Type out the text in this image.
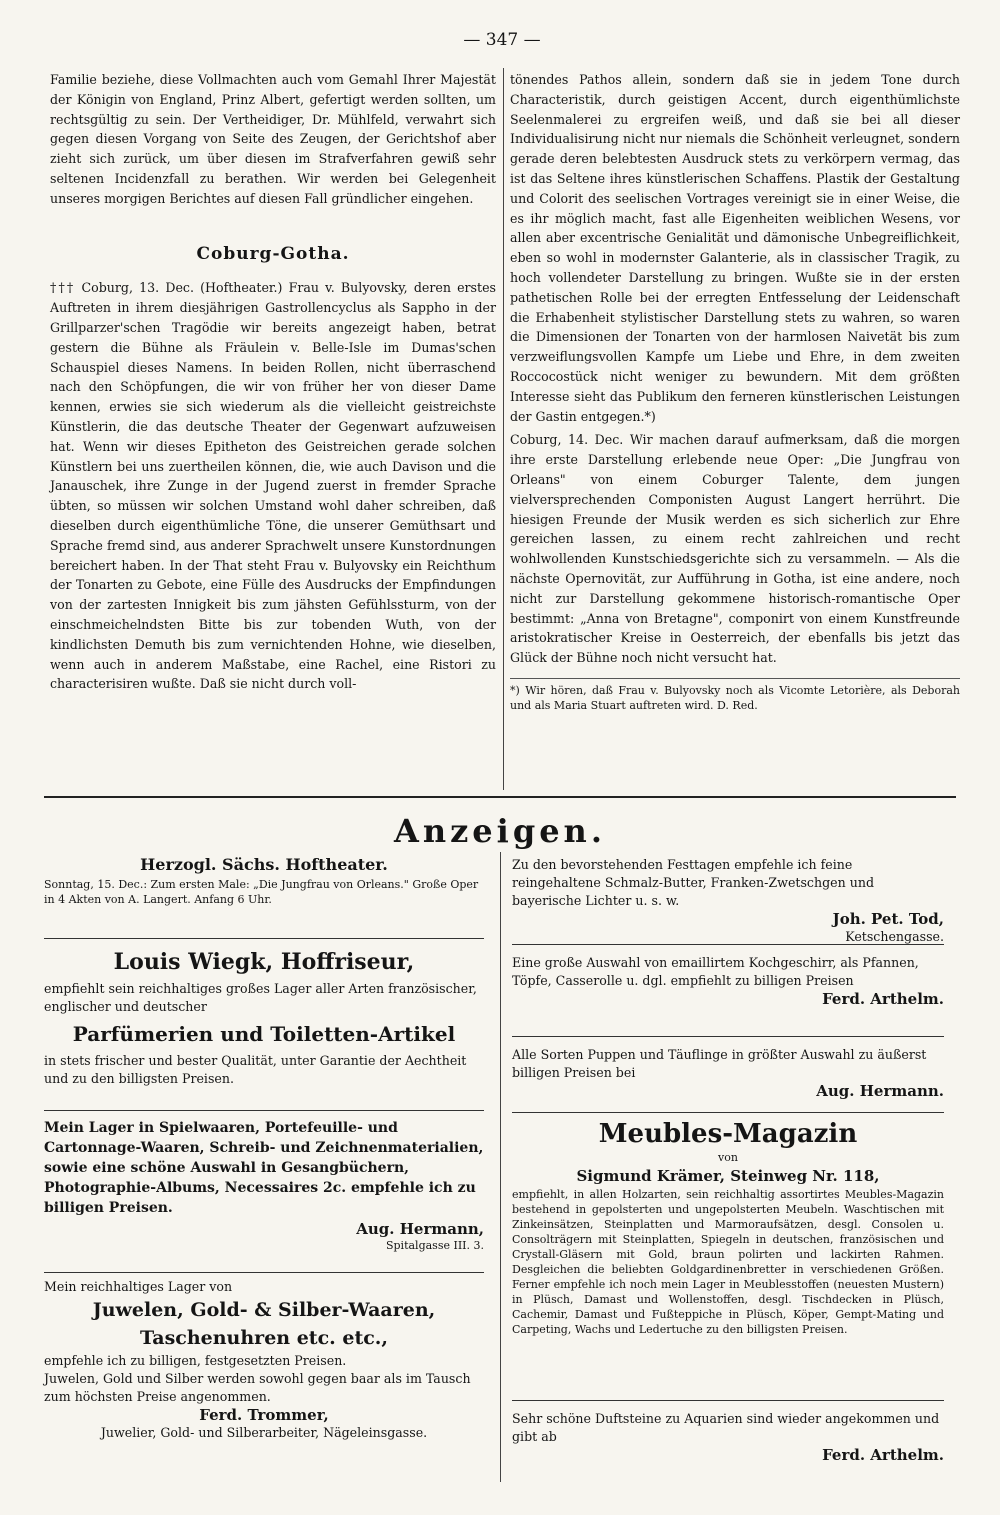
— 347 —

Familie beziehe, diese Vollmachten auch vom Gemahl Ihrer Majestät der Königin von England, Prinz Albert, gefertigt werden sollten, um rechtsgültig zu sein. Der Vertheidiger, Dr. Mühlfeld, verwahrt sich gegen diesen Vorgang von Seite des Zeugen, der Gerichtshof aber zieht sich zurück, um über diesen im Strafverfahren gewiß sehr seltenen Incidenzfall zu berathen. Wir werden bei Gelegenheit unseres morgigen Berichtes auf diesen Fall gründlicher eingehen.

Coburg-Gotha.

††† Coburg, 13. Dec. (Hoftheater.) Frau v. Bulyovsky, deren erstes Auftreten in ihrem diesjährigen Gastrollencyclus als Sappho in der Grillparzer'schen Tragödie wir bereits angezeigt haben, betrat gestern die Bühne als Fräulein v. Belle-Isle im Dumas'schen Schauspiel dieses Namens. In beiden Rollen, nicht überraschend nach den Schöpfungen, die wir von früher her von dieser Dame kennen, erwies sie sich wiederum als die vielleicht geistreichste Künstlerin, die das deutsche Theater der Gegenwart aufzuweisen hat. Wenn wir dieses Epitheton des Geistreichen gerade solchen Künstlern bei uns zuertheilen können, die, wie auch Davison und die Janauschek, ihre Zunge in der Jugend zuerst in fremder Sprache übten, so müssen wir solchen Umstand wohl daher schreiben, daß dieselben durch eigenthümliche Töne, die unserer Gemüthsart und Sprache fremd sind, aus anderer Sprachwelt unsere Kunstordnungen bereichert haben. In der That steht Frau v. Bulyovsky ein Reichthum der Tonarten zu Gebote, eine Fülle des Ausdrucks der Empfindungen von der zartesten Innigkeit bis zum jähsten Gefühlssturm, von der einschmeichelndsten Bitte bis zur tobenden Wuth, von der kindlichsten Demuth bis zum vernichtenden Hohne, wie dieselben, wenn auch in anderem Maßstabe, eine Rachel, eine Ristori zu characterisiren wußte. Daß sie nicht durch voll-

tönendes Pathos allein, sondern daß sie in jedem Tone durch Characteristik, durch geistigen Accent, durch eigenthümlichste Seelenmalerei zu ergreifen weiß, und daß sie bei all dieser Individualisirung nicht nur niemals die Schönheit verleugnet, sondern gerade deren belebtesten Ausdruck stets zu verkörpern vermag, das ist das Seltene ihres künstlerischen Schaffens. Plastik der Gestaltung und Colorit des seelischen Vortrages vereinigt sie in einer Weise, die es ihr möglich macht, fast alle Eigenheiten weiblichen Wesens, vor allen aber excentrische Genialität und dämonische Unbegreiflichkeit, eben so wohl in modernster Galanterie, als in classischer Tragik, zu hoch vollendeter Darstellung zu bringen. Wußte sie in der ersten pathetischen Rolle bei der erregten Entfesselung der Leidenschaft die Erhabenheit stylistischer Darstellung stets zu wahren, so waren die Dimensionen der Tonarten von der harmlosen Naivetät bis zum verzweiflungsvollen Kampfe um Liebe und Ehre, in dem zweiten Roccocostück nicht weniger zu bewundern. Mit dem größten Interesse sieht das Publikum den ferneren künstlerischen Leistungen der Gastin entgegen.*)

Coburg, 14. Dec. Wir machen darauf aufmerksam, daß die morgen ihre erste Darstellung erlebende neue Oper: „Die Jungfrau von Orleans" von einem Coburger Talente, dem jungen vielversprechenden Componisten August Langert herrührt. Die hiesigen Freunde der Musik werden es sich sicherlich zur Ehre gereichen lassen, zu einem recht zahlreichen und recht wohlwollenden Kunstschiedsgerichte sich zu versammeln. — Als die nächste Opernovität, zur Aufführung in Gotha, ist eine andere, noch nicht zur Darstellung gekommene historisch-romantische Oper bestimmt: „Anna von Bretagne", componirt von einem Kunstfreunde aristokratischer Kreise in Oesterreich, der ebenfalls bis jetzt das Glück der Bühne noch nicht versucht hat.

*) Wir hören, daß Frau v. Bulyovsky noch als Vicomte Letorière, als Deborah und als Maria Stuart auftreten wird. D. Red.
Anzeigen.

Herzogl. Sächs. Hoftheater.

Sonntag, 15. Dec.: Zum ersten Male: „Die Jungfrau von Orleans." Große Oper in 4 Akten von A. Langert. Anfang 6 Uhr.

Louis Wiegk, Hoffriseur,

empfiehlt sein reichhaltiges großes Lager aller Arten französischer, englischer und deutscher

Parfümerien und Toiletten-Artikel

in stets frischer und bester Qualität, unter Garantie der Aechtheit und zu den billigsten Preisen.

Mein Lager in Spielwaaren, Portefeuille- und Cartonnage-Waaren, Schreib- und Zeichnenmaterialien, sowie eine schöne Auswahl in Gesangbüchern, Photographie-Albums, Necessaires 2c. empfehle ich zu billigen Preisen.

Aug. Hermann,

Spitalgasse III. 3.

Mein reichhaltiges Lager von

Juwelen, Gold- & Silber-Waaren,

Taschenuhren etc. etc.,

empfehle ich zu billigen, festgesetzten Preisen.

Juwelen, Gold und Silber werden sowohl gegen baar als im Tausch zum höchsten Preise angenommen.

Ferd. Trommer,

Juwelier, Gold- und Silberarbeiter, Nägeleinsgasse.

Zu den bevorstehenden Festtagen empfehle ich feine reingehaltene Schmalz-Butter, Franken-Zwetschgen und bayerische Lichter u. s. w.

Joh. Pet. Tod,

Ketschengasse.

Eine große Auswahl von emaillirtem Kochgeschirr, als Pfannen, Töpfe, Casserolle u. dgl. empfiehlt zu billigen Preisen

Ferd. Arthelm.

Alle Sorten Puppen und Täuflinge in größter Auswahl zu äußerst billigen Preisen bei

Aug. Hermann.

Meubles-Magazin

von

Sigmund Krämer, Steinweg Nr. 118,

empfiehlt, in allen Holzarten, sein reichhaltig assortirtes Meubles-Magazin bestehend in gepolsterten und ungepolsterten Meubeln. Waschtischen mit Zinkeinsätzen, Steinplatten und Marmoraufsätzen, desgl. Consolen u. Consolträgern mit Steinplatten, Spiegeln in deutschen, französischen und Crystall-Gläsern mit Gold, braun polirten und lackirten Rahmen. Desgleichen die beliebten Goldgardinenbretter in verschiedenen Größen. Ferner empfehle ich noch mein Lager in Meublesstoffen (neuesten Mustern) in Plüsch, Damast und Wollenstoffen, desgl. Tischdecken in Plüsch, Cachemir, Damast und Fußteppiche in Plüsch, Köper, Gempt-Mating und Carpeting, Wachs und Ledertuche zu den billigsten Preisen.

Sehr schöne Duftsteine zu Aquarien sind wieder angekommen und gibt ab

Ferd. Arthelm.
